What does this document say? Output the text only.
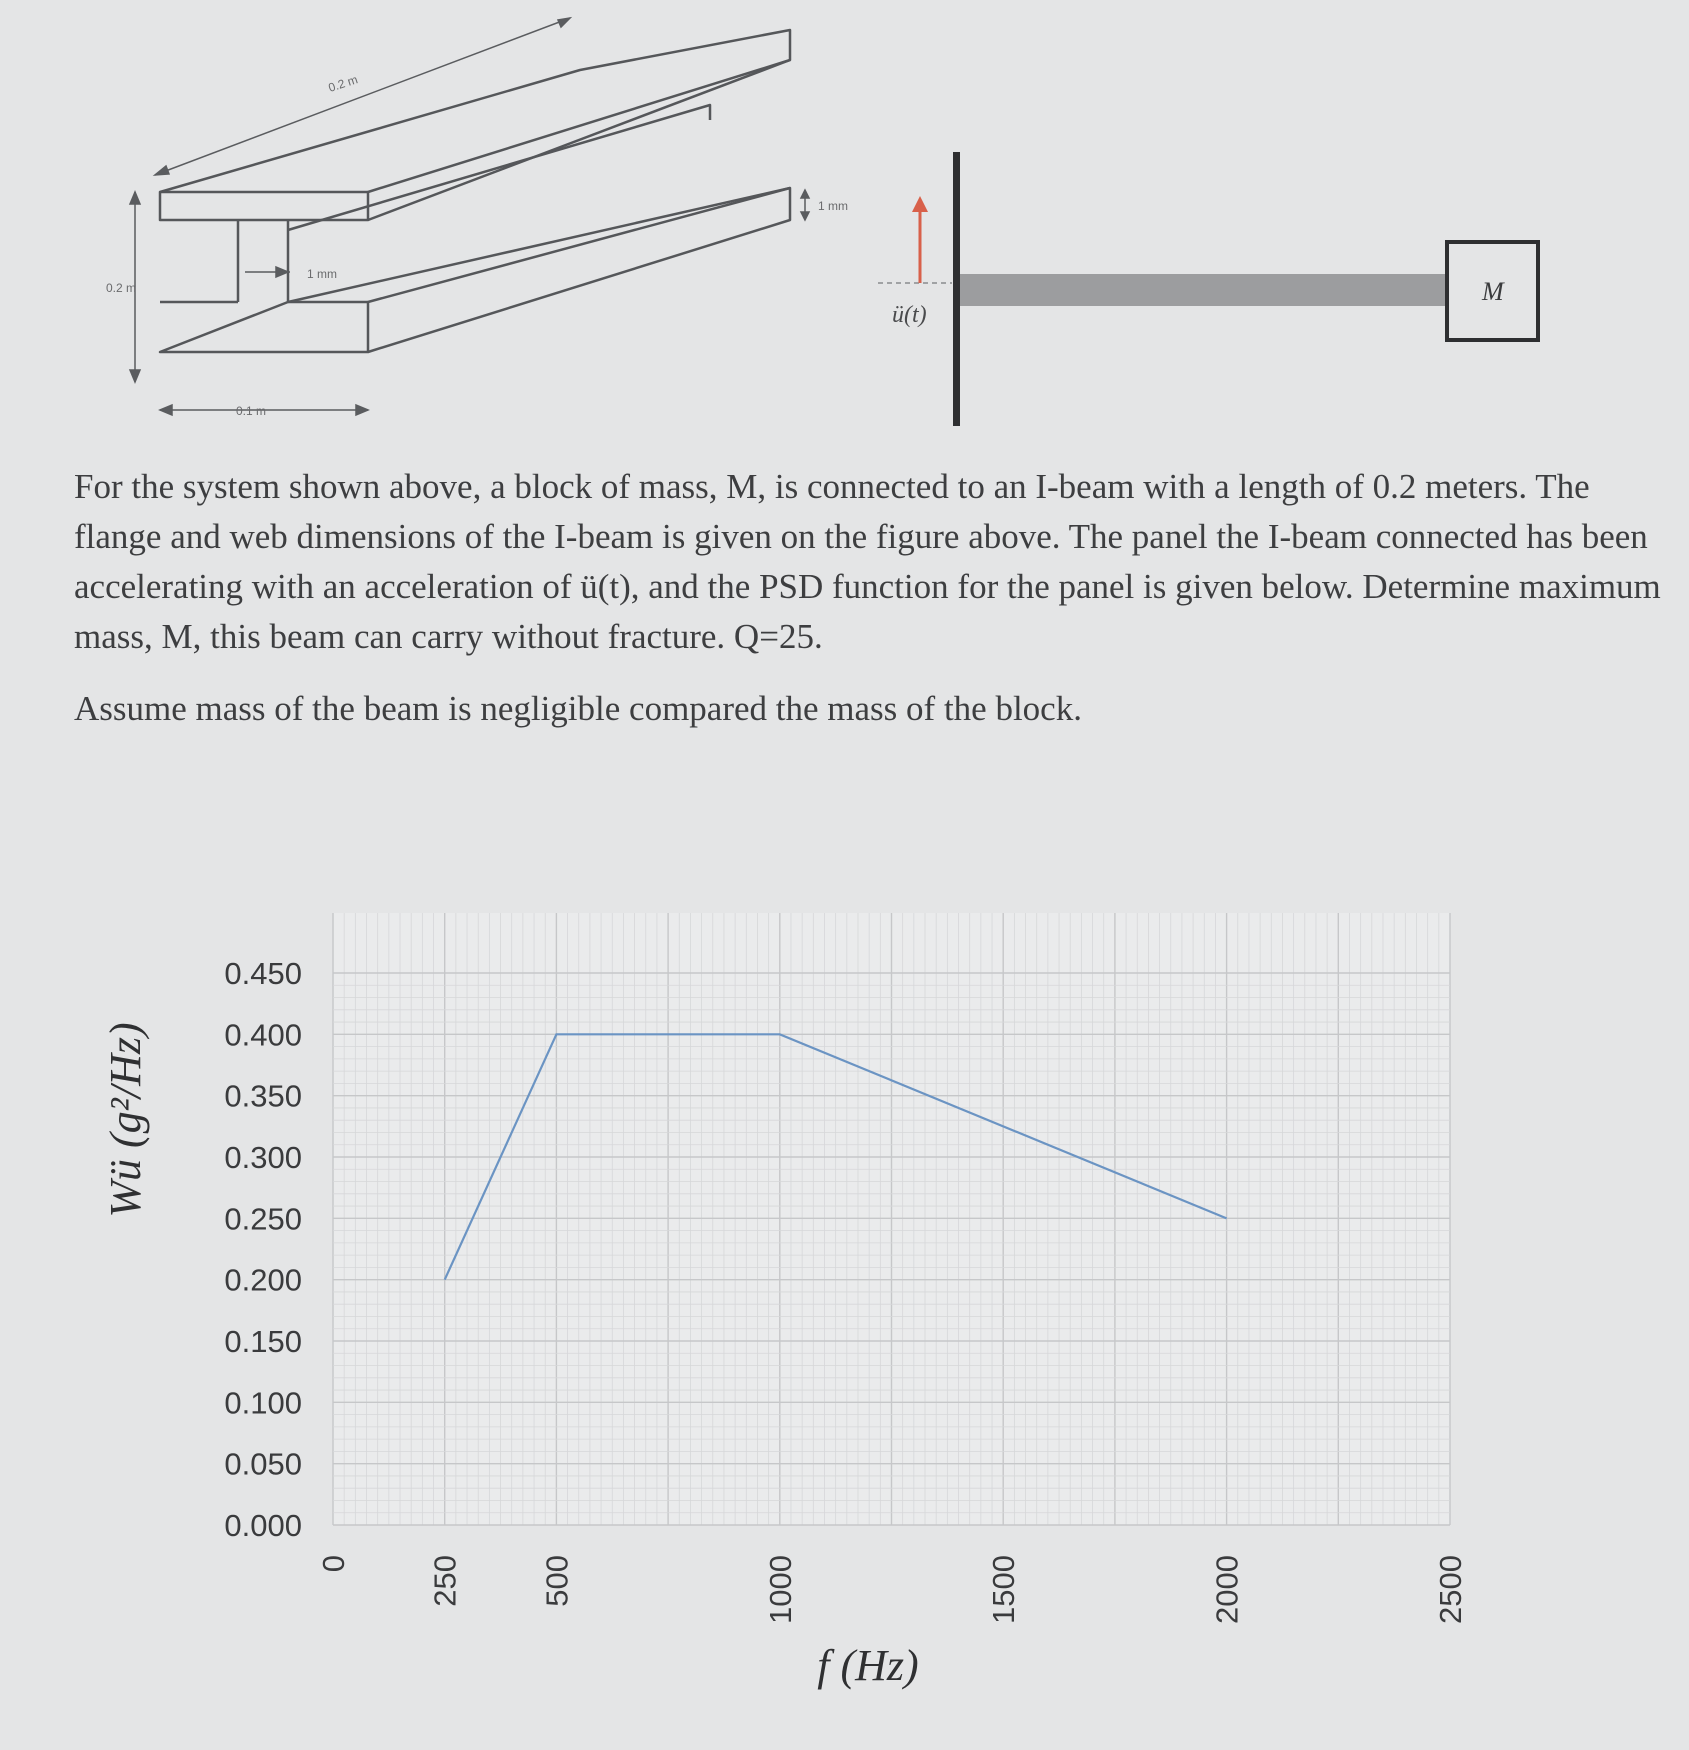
0.2 m
0.2 m
0.1 m
1 mm
1 mm
ü(t)
M

For the system shown above, a block of mass, M, is connected to an I-beam with a length of 0.2 meters. The flange and web dimensions of the I-beam is given on the figure above. The panel the I-beam connected has been accelerating with an acceleration of ü(t), and the PSD function for the panel is given below. Determine maximum mass, M, this beam can carry without fracture. Q=25.

Assume mass of the beam is negligible compared the mass of the block.

0.000
0.050
0.100
0.150
0.200
0.250
0.300
0.350
0.400
0.450
0 250 500	1000	1500	2000	2500
Wü (g²/Hz)
f (Hz)
